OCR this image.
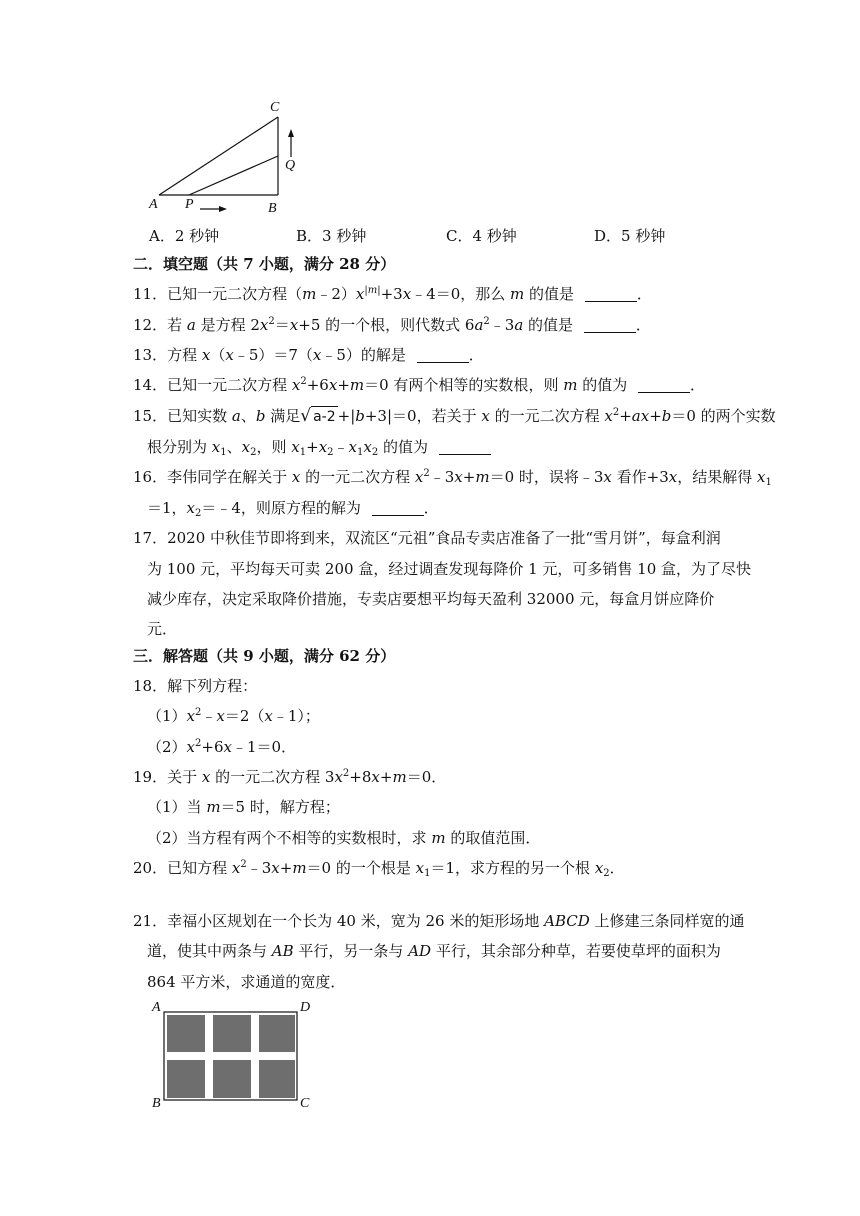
A P	B
C
Q
A．2 秒钟	B．3 秒钟	C．4 秒钟	D．5 秒钟
二．填空题（共 7 小题，满分 28 分）
11．已知一元二次方程$(m﹣2)x^{|m|}+3x﹣4=0$，那么 m 的值是	．
12．若 a 是方程 $2x^2=x+5$ 的一个根，则代数式 $6a^2﹣3a$ 的值是	．
13．方程 x（x﹣5）＝7（x﹣5）的解是	．
14．已知一元二次方程 $x^2+6x+m=0$ 有两个相等的实数根，则 m 的值为	．
15．已知实数 a、b 满足√ a-2 +|b+3|＝0，若关于 x 的一元二次方程 $x^2+ax+b=0$ 的两个实数
根分别为 $x_1$、$x_2$，则 $x_1+x_2﹣x_1x_2$ 的值为
16．李伟同学在解关于 x 的一元二次方程 $x^2﹣3x+m=0$ 时，误将﹣3x 看作+3x，结果解得 $x_1$
＝1，$x_2=﹣4$，则原方程的解为	．
17．2020 中秋佳节即将到来，双流区“元祖”食品专卖店准备了一批“雪月饼”，每盒利润
为 100 元，平均每天可卖 200 盒，经过调查发现每降价 1 元，可多销售 10 盒，为了尽快
减少库存，决定采取降价措施，专卖店要想平均每天盈利 32000 元，每盒月饼应降价
元．
三．解答题（共 9 小题，满分 62 分）
18．解下列方程：
$(1)x^2﹣x=2(x﹣1)$；
$(2)x^2+6x﹣1=0$．
19．关于 x 的一元二次方程 $3x^2+8x+m=0$．
（1）当 m＝5 时，解方程；
（2）当方程有两个不相等的实数根时，求 m 的取值范围．
20．已知方程 $x^2﹣3x+m=0$ 的一个根是 $x_1=1$，求方程的另一个根 $x_2$．
21．幸福小区规划在一个长为 40 米，宽为 26 米的矩形场地 ABCD 上修建三条同样宽的通
道，使其中两条与 AB 平行，另一条与 AD 平行，其余部分种草，若要使草坪的面积为
864 平方米，求通道的宽度．
A	D
B	C
